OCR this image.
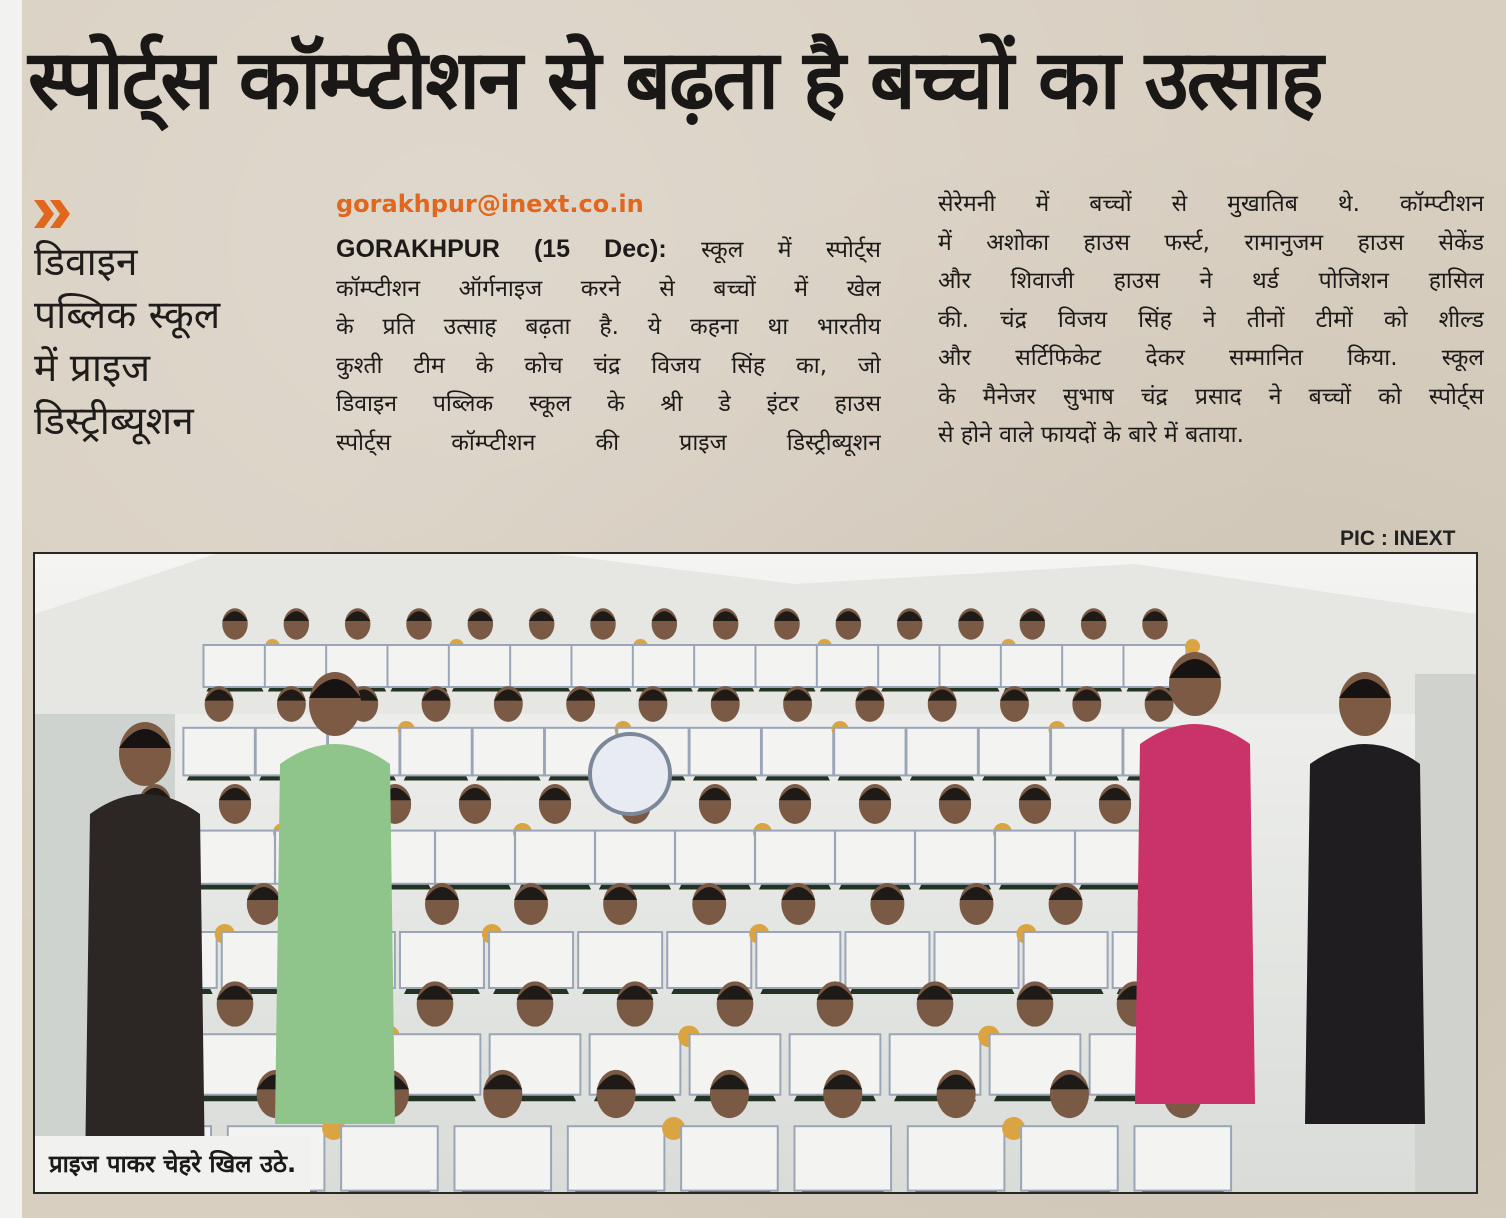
स्पोर्ट्स कॉम्प्टीशन से बढ़ता है बच्चों का उत्साह
डिवाइन
पब्लिक स्कूल
में प्राइज
डिस्ट्रीब्यूशन
gorakhpur@inext.co.in
GORAKHPUR (15 Dec): स्कूल में स्पोर्ट्स
कॉम्प्टीशन ऑर्गनाइज करने से बच्चों में खेल
के प्रति उत्साह बढ़ता है. ये कहना था भारतीय
कुश्ती टीम के कोच चंद्र विजय सिंह का, जो
डिवाइन पब्लिक स्कूल के श्री डे इंटर हाउस
स्पोर्ट्स कॉम्प्टीशन की प्राइज डिस्ट्रीब्यूशन
सेरेमनी में बच्चों से मुखातिब थे. कॉम्प्टीशन
में अशोका हाउस फर्स्ट, रामानुजम हाउस सेकेंड
और शिवाजी हाउस ने थर्ड पोजिशन हासिल
की. चंद्र विजय सिंह ने तीनों टीमों को शील्ड
और सर्टिफिकेट देकर सम्मानित किया. स्कूल
के मैनेजर सुभाष चंद्र प्रसाद ने बच्चों को स्पोर्ट्स
से होने वाले फायदों के बारे में बताया.
PIC : INEXT
प्राइज पाकर चेहरे खिल उठे.
